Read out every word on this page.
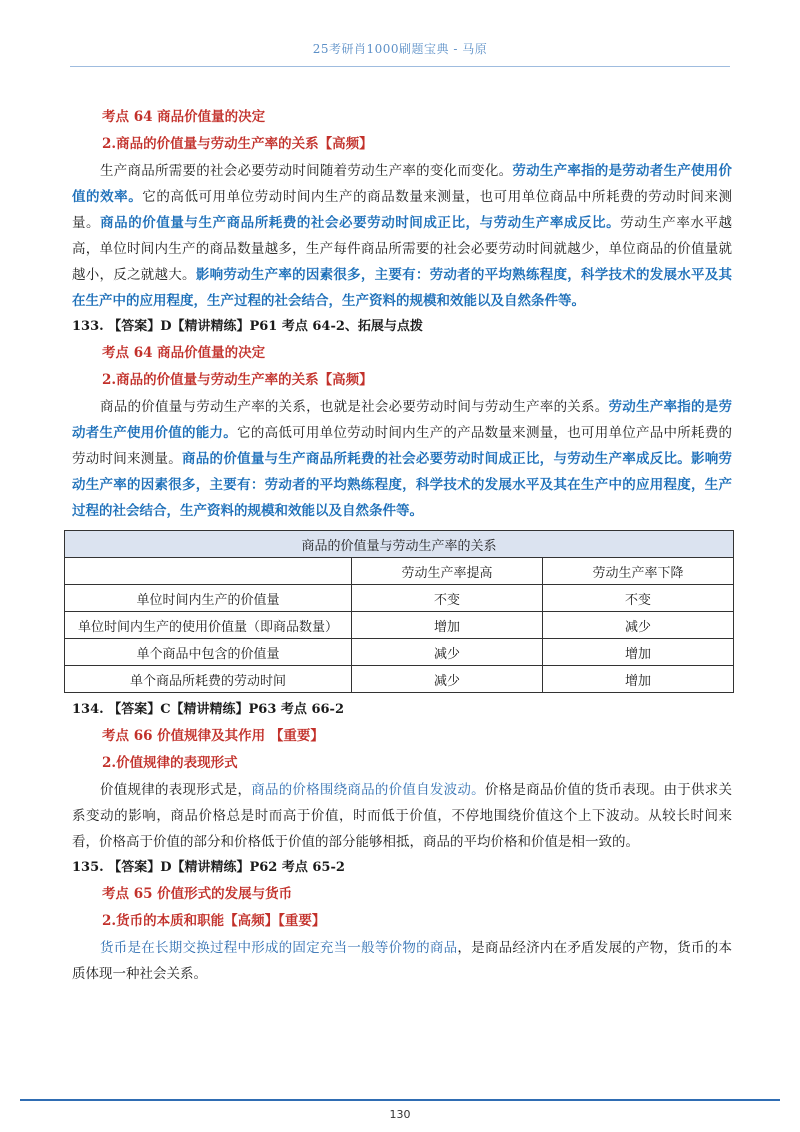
25考研肖1000刷题宝典 - 马原
考点 64 商品价值量的决定
2.商品的价值量与劳动生产率的关系【高频】

生产商品所需要的社会必要劳动时间随着劳动生产率的变化而变化。劳动生产率指的是劳动者生产使用价值的效率。它的高低可用单位劳动时间内生产的商品数量来测量，也可用单位商品中所耗费的劳动时间来测量。商品的价值量与生产商品所耗费的社会必要劳动时间成正比，与劳动生产率成反比。劳动生产率水平越高，单位时间内生产的商品数量越多，生产每件商品所需要的社会必要劳动时间就越少，单位商品的价值量就越小，反之就越大。影响劳动生产率的因素很多，主要有：劳动者的平均熟练程度，科学技术的发展水平及其在生产中的应用程度，生产过程的社会结合，生产资料的规模和效能以及自然条件等。

133. 【答案】D【精讲精练】P61 考点 64-2、拓展与点拨
考点 64 商品价值量的决定
2.商品的价值量与劳动生产率的关系【高频】

商品的价值量与劳动生产率的关系，也就是社会必要劳动时间与劳动生产率的关系。劳动生产率指的是劳动者生产使用价值的能力。它的高低可用单位劳动时间内生产的产品数量来测量，也可用单位产品中所耗费的劳动时间来测量。商品的价值量与生产商品所耗费的社会必要劳动时间成正比，与劳动生产率成反比。影响劳动生产率的因素很多，主要有：劳动者的平均熟练程度，科学技术的发展水平及其在生产中的应用程度，生产过程的社会结合，生产资料的规模和效能以及自然条件等。

商品的价值量与劳动生产率的关系		
	劳动生产率提高	劳动生产率下降
单位时间内生产的价值量	不变	不变
单位时间内生产的使用价值量（即商品数量）	增加	减少
单个商品中包含的价值量	减少	增加
单个商品所耗费的劳动时间	减少	增加
134. 【答案】C【精讲精练】P63 考点 66-2
考点 66 价值规律及其作用 【重要】
2.价值规律的表现形式

价值规律的表现形式是，商品的价格围绕商品的价值自发波动。价格是商品价值的货币表现。由于供求关系变动的影响，商品价格总是时而高于价值，时而低于价值，不停地围绕价值这个上下波动。从较长时间来看，价格高于价值的部分和价格低于价值的部分能够相抵，商品的平均价格和价值是相一致的。

135. 【答案】D【精讲精练】P62 考点 65-2
考点 65 价值形式的发展与货币
2.货币的本质和职能【高频】【重要】

货币是在长期交换过程中形成的固定充当一般等价物的商品，是商品经济内在矛盾发展的产物，货币的本质体现一种社会关系。

130
